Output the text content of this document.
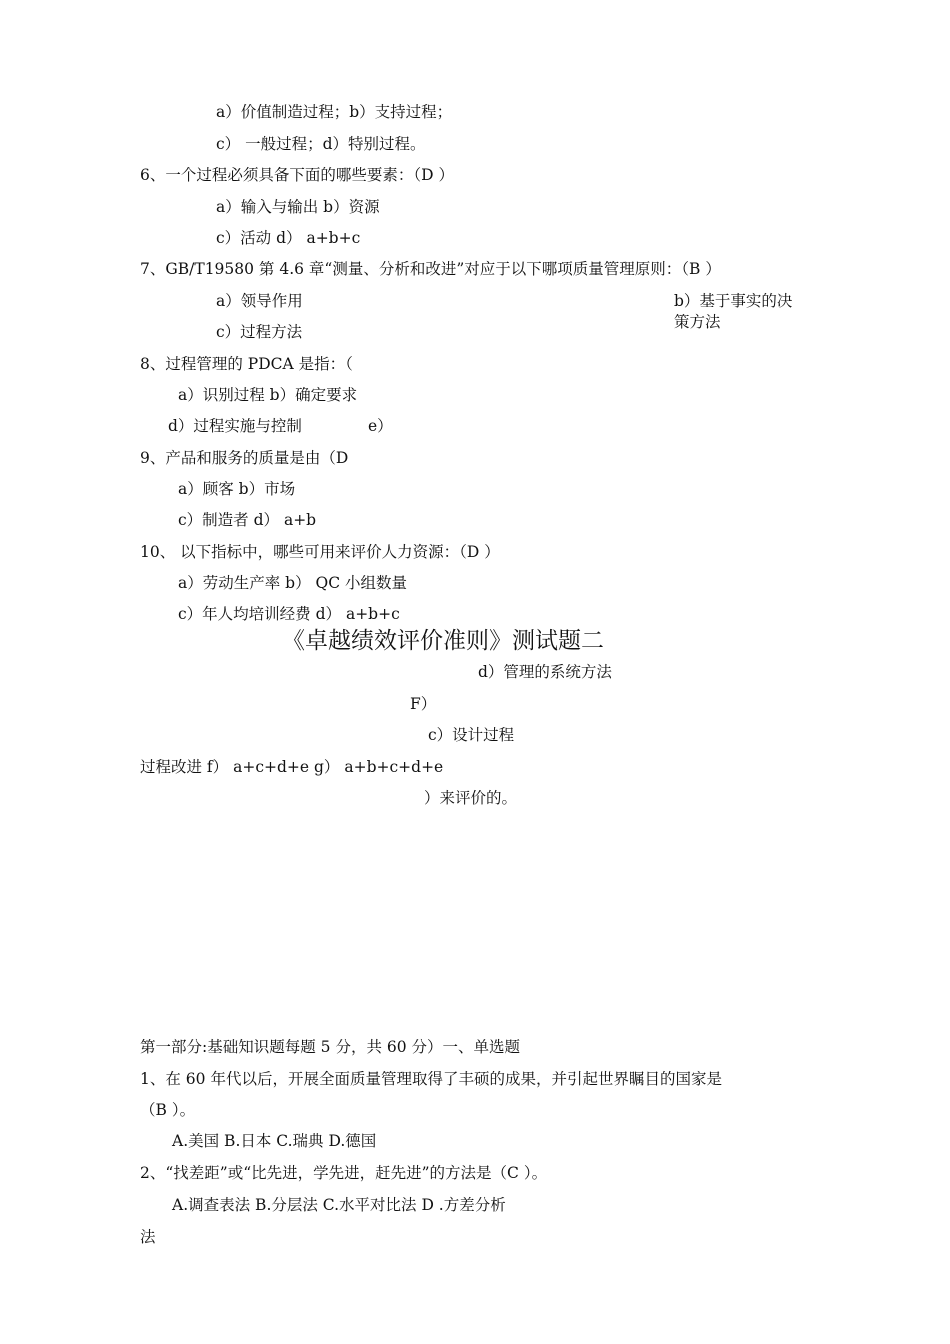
a）价值制造过程；b）支持过程；
c） 一般过程；d）特别过程。
6、一个过程必须具备下面的哪些要素：（D ）
a）输入与输出 b）资源
c）活动 d） a+b+c
7、GB/T19580 第 4.6 章“测量、分析和改进”对应于以下哪项质量管理原则：（B ）
a）领导作用	b）基于事实的决
策方法
c）过程方法
8、过程管理的 PDCA 是指：（
a）识别过程 b）确定要求
d）过程实施与控制	e）
9、产品和服务的质量是由（D
a）顾客 b）市场
c）制造者 d） a+b
10、 以下指标中，哪些可用来评价人力资源：（D ）
a）劳动生产率 b） QC 小组数量
c）年人均培训经费 d） a+b+c
《卓越绩效评价准则》测试题二
d）管理的系统方法
F）
c）设计过程
过程改进 f） a+c+d+e g） a+b+c+d+e
）来评价的。
第一部分:基础知识题每题 5 分，共 60 分）一、单选题
1、在 60 年代以后，开展全面质量管理取得了丰硕的成果，并引起世界瞩目的国家是
（B ）。
A.美国 B.日本 C.瑞典 D.德国
2、“找差距”或“比先进，学先进，赶先进”的方法是（C ）。
A.调查表法 B.分层法 C.水平对比法 D .方差分析
法
